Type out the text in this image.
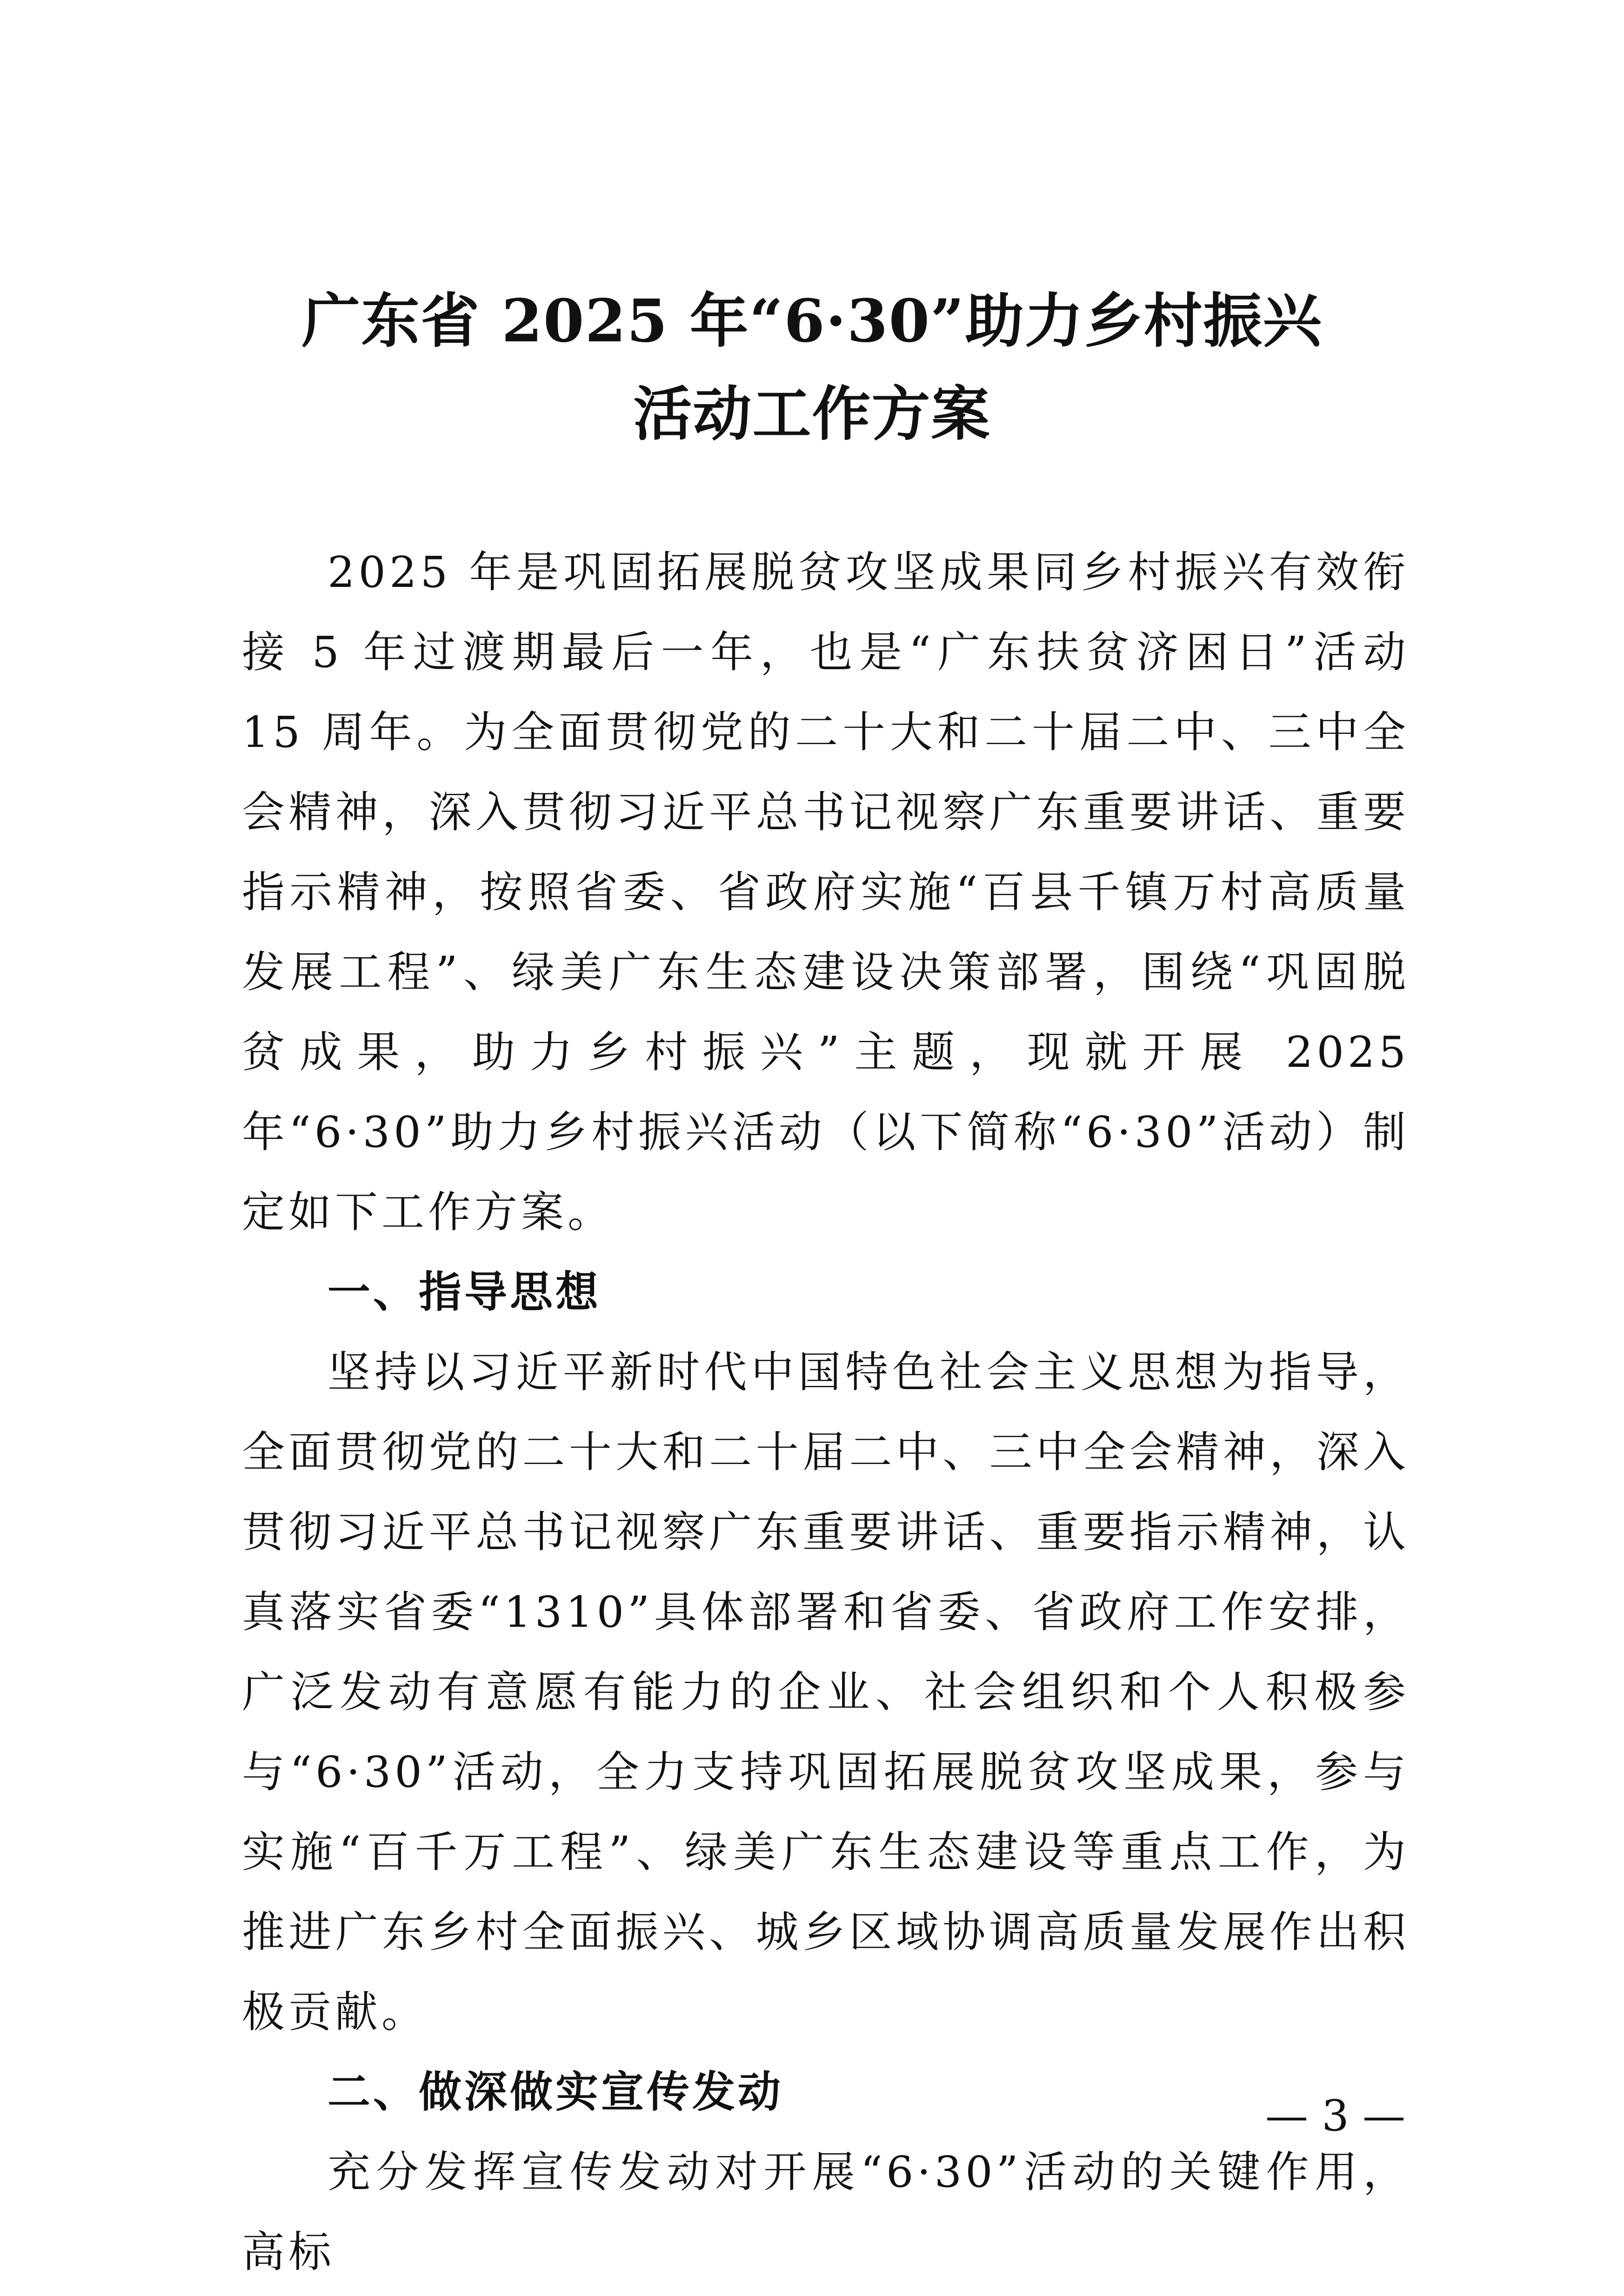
广东省 2025 年“6·30”助力乡村振兴
活动工作方案

2025 年是巩固拓展脱贫攻坚成果同乡村振兴有效衔接 5 年过渡期最后一年，也是“广东扶贫济困日”活动 15 周年。为全面贯彻党的二十大和二十届二中、三中全会精神，深入贯彻习近平总书记视察广东重要讲话、重要指示精神，按照省委、省政府实施“百县千镇万村高质量发展工程”、绿美广东生态建设决策部署，围绕“巩固脱贫成果，助力乡村振兴”主题，现就开展 2025 年“6·30”助力乡村振兴活动（以下简称“6·30”活动）制定如下工作方案。

一、指导思想

坚持以习近平新时代中国特色社会主义思想为指导，全面贯彻党的二十大和二十届二中、三中全会精神，深入贯彻习近平总书记视察广东重要讲话、重要指示精神，认真落实省委“1310”具体部署和省委、省政府工作安排，广泛发动有意愿有能力的企业、社会组织和个人积极参与“6·30”活动，全力支持巩固拓展脱贫攻坚成果，参与实施“百千万工程”、绿美广东生态建设等重点工作，为推进广东乡村全面振兴、城乡区域协调高质量发展作出积极贡献。

二、做深做实宣传发动

充分发挥宣传发动对开展“6·30”活动的关键作用，高标

— 3 —
